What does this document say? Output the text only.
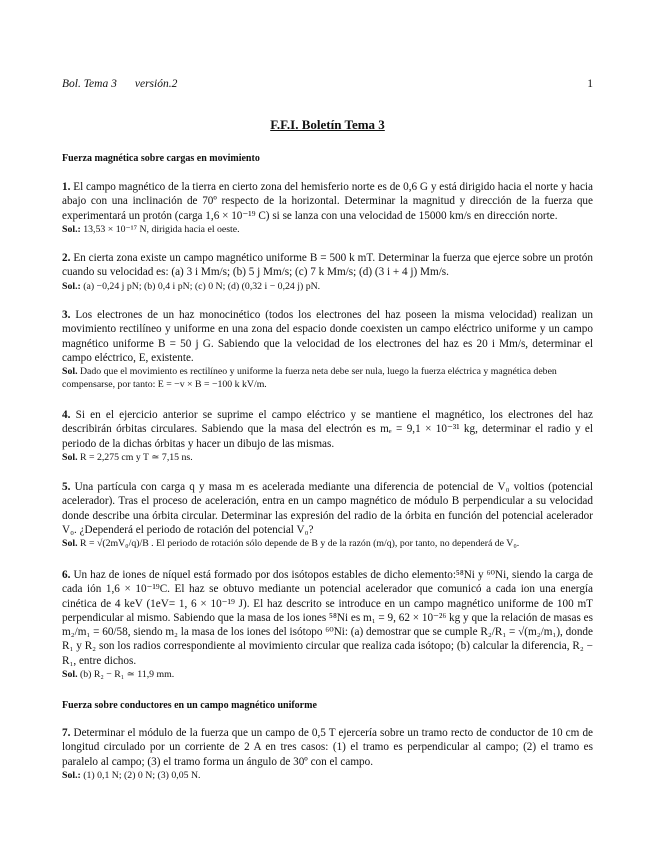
Bol. Tema 3 versión.2	1
F.F.I. Boletín Tema 3
Fuerza magnética sobre cargas en movimiento
1. El campo magnético de la tierra en cierto zona del hemisferio norte es de 0,6 G y está dirigido hacia el norte y hacia abajo con una inclinación de 70º respecto de la horizontal. Determinar la magnitud y dirección de la fuerza que experimentará un protón (carga 1,6 × 10⁻¹⁹ C) si se lanza con una velocidad de 15000 km/s en dirección norte.
Sol.: 13,53 × 10⁻¹⁷ N, dirigida hacia el oeste.
2. En cierta zona existe un campo magnético uniforme B = 500 k mT. Determinar la fuerza que ejerce sobre un protón cuando su velocidad es: (a) 3 i Mm/s; (b) 5 j Mm/s; (c) 7 k Mm/s; (d) (3 i + 4 j) Mm/s.
Sol.: (a) −0,24 j pN; (b) 0,4 i pN; (c) 0 N; (d) (0,32 i − 0,24 j) pN.
3. Los electrones de un haz monocinético (todos los electrones del haz poseen la misma velocidad) realizan un movimiento rectilíneo y uniforme en una zona del espacio donde coexisten un campo eléctrico uniforme y un campo magnético uniforme B = 50 j G. Sabiendo que la velocidad de los electrones del haz es 20 i Mm/s, determinar el campo eléctrico, E, existente.
Sol. Dado que el movimiento es rectilíneo y uniforme la fuerza neta debe ser nula, luego la fuerza eléctrica y magnética deben compensarse, por tanto: E = −v × B = −100 k kV/m.
4. Si en el ejercicio anterior se suprime el campo eléctrico y se mantiene el magnético, los electrones del haz describirán órbitas circulares. Sabiendo que la masa del electrón es mₑ = 9,1 × 10⁻³¹ kg, determinar el radio y el periodo de la dichas órbitas y hacer un dibujo de las mismas.
Sol. R = 2,275 cm y T ≃ 7,15 ns.
5. Una partícula con carga q y masa m es acelerada mediante una diferencia de potencial de V₀ voltios (potencial acelerador). Tras el proceso de aceleración, entra en un campo magnético de módulo B perpendicular a su velocidad donde describe una órbita circular. Determinar las expresión del radio de la órbita en función del potencial acelerador V₀. ¿Dependerá el periodo de rotación del potencial V₀?
Sol. R = √(2mV₀/q)/B . El periodo de rotación sólo depende de B y de la razón (m/q), por tanto, no dependerá de V₀.
6. Un haz de iones de níquel está formado por dos isótopos estables de dicho elemento:⁵⁸Ni y ⁶⁰Ni, siendo la carga de cada ión 1,6 × 10⁻¹⁹C. El haz se obtuvo mediante un potencial acelerador que comunicó a cada ion una energía cinética de 4 keV (1eV= 1, 6 × 10⁻¹⁹ J). El haz descrito se introduce en un campo magnético uniforme de 100 mT perpendicular al mismo. Sabiendo que la masa de los iones ⁵⁸Ni es m₁ = 9, 62 × 10⁻²⁶ kg y que la relación de masas es m₂/m₁ = 60/58, siendo m₂ la masa de los iones del isótopo ⁶⁰Ni: (a) demostrar que se cumple R₂/R₁ = √(m₂/m₁), donde R₁ y R₂ son los radios correspondiente al movimiento circular que realiza cada isótopo; (b) calcular la diferencia, R₂ − R₁, entre dichos.
Sol. (b) R₂ − R₁ ≃ 11,9 mm.
Fuerza sobre conductores en un campo magnético uniforme
7. Determinar el módulo de la fuerza que un campo de 0,5 T ejercería sobre un tramo recto de conductor de 10 cm de longitud circulado por un corriente de 2 A en tres casos: (1) el tramo es perpendicular al campo; (2) el tramo es paralelo al campo; (3) el tramo forma un ángulo de 30º con el campo.
Sol.: (1) 0,1 N; (2) 0 N; (3) 0,05 N.
